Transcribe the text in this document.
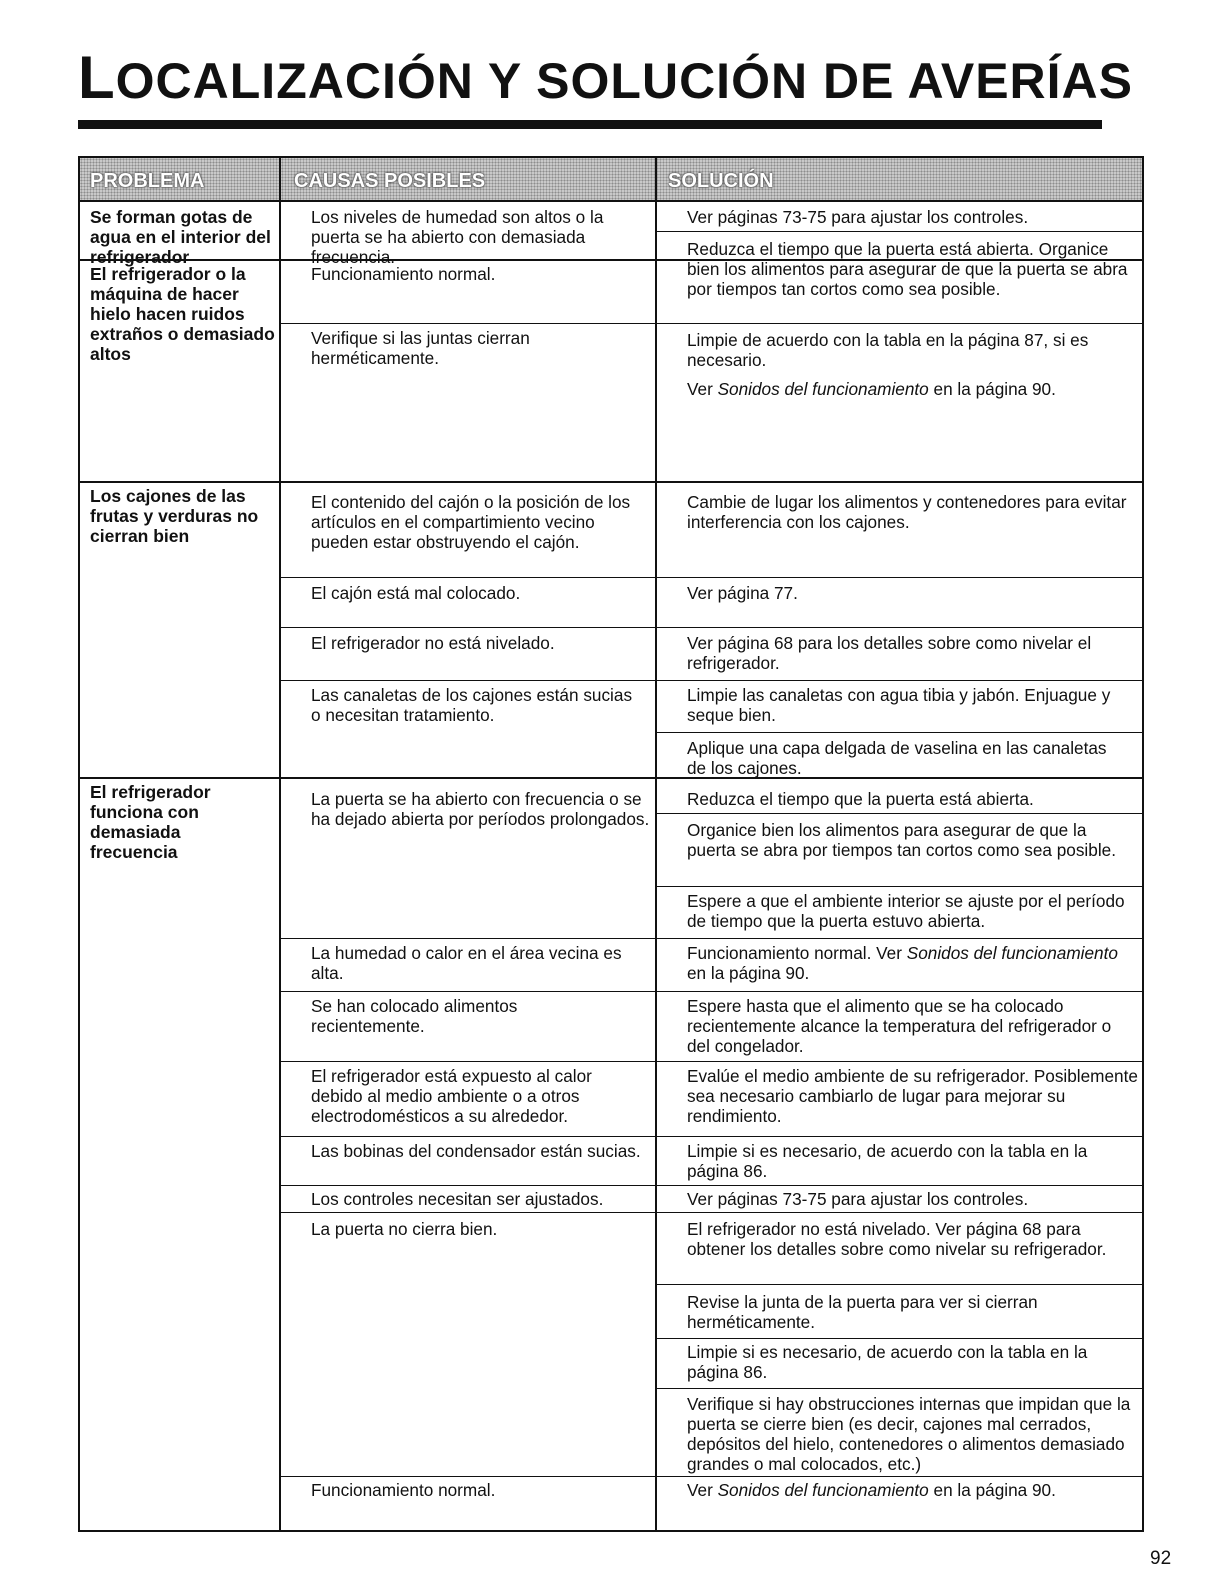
LOCALIZACIÓN Y SOLUCIÓN DE AVERÍAS
PROBLEMA	CAUSAS POSIBLES	SOLUCIÓN
Se forman gotas de agua en el interior del refrigerador
El refrigerador o la máquina de hacer hielo hacen ruidos extraños o demasiado altos
Los cajones de las frutas y verduras no cierran bien
El refrigerador funciona con demasiada frecuencia
Los niveles de humedad son altos o la puerta se ha abierto con demasiada frecuencia.
Verifique si las juntas cierran herméticamente.
Funcionamiento normal.
El contenido del cajón o la posición de los artículos en el compartimiento vecino pueden estar obstruyendo el cajón.
El cajón está mal colocado.
El refrigerador no está nivelado.
Las canaletas de los cajones están sucias o necesitan tratamiento.
La puerta se ha abierto con frecuencia o se ha dejado abierta por períodos prolongados.
La humedad o calor en el área vecina es alta.
Se han colocado alimentos recientemente.
El refrigerador está expuesto al calor debido al medio ambiente o a otros electrodomésticos a su alrededor.
Las bobinas del condensador están sucias.
Los controles necesitan ser ajustados.
La puerta no cierra bien.
Funcionamiento normal.
Ver páginas 73-75 para ajustar los controles.
Reduzca el tiempo que la puerta está abierta. Organice bien los alimentos para asegurar de que la puerta se abra por tiempos tan cortos como sea posible.
Limpie de acuerdo con la tabla en la página 87, si es necesario.
Ver Sonidos del funcionamiento en la página 90.
Cambie de lugar los alimentos y contenedores para evitar interferencia con los cajones.
Ver página 77.
Ver página 68 para los detalles sobre como nivelar el refrigerador.
Limpie las canaletas con agua tibia y jabón. Enjuague y seque bien.
Aplique una capa delgada de vaselina en las canaletas de los cajones.
Reduzca el tiempo que la puerta está abierta.
Organice bien los alimentos para asegurar de que la puerta se abra por tiempos tan cortos como sea posible.
Espere a que el ambiente interior se ajuste por el período de tiempo que la puerta estuvo abierta.
Funcionamiento normal. Ver Sonidos del funcionamiento en la página 90.
Espere hasta que el alimento que se ha colocado recientemente alcance la temperatura del refrigerador o del congelador.
Evalúe el medio ambiente de su refrigerador. Posiblemente sea necesario cambiarlo de lugar para mejorar su rendimiento.
Limpie si es necesario, de acuerdo con la tabla en la página 86.
Ver páginas 73-75 para ajustar los controles.
El refrigerador no está nivelado. Ver página 68 para obtener los detalles sobre como nivelar su refrigerador.
Revise la junta de la puerta para ver si cierran herméticamente.
Limpie si es necesario, de acuerdo con la tabla en la página 86.
Verifique si hay obstrucciones internas que impidan que la puerta se cierre bien (es decir, cajones mal cerrados, depósitos del hielo, contenedores o alimentos demasiado grandes o mal colocados, etc.)
Ver Sonidos del funcionamiento en la página 90.
92
